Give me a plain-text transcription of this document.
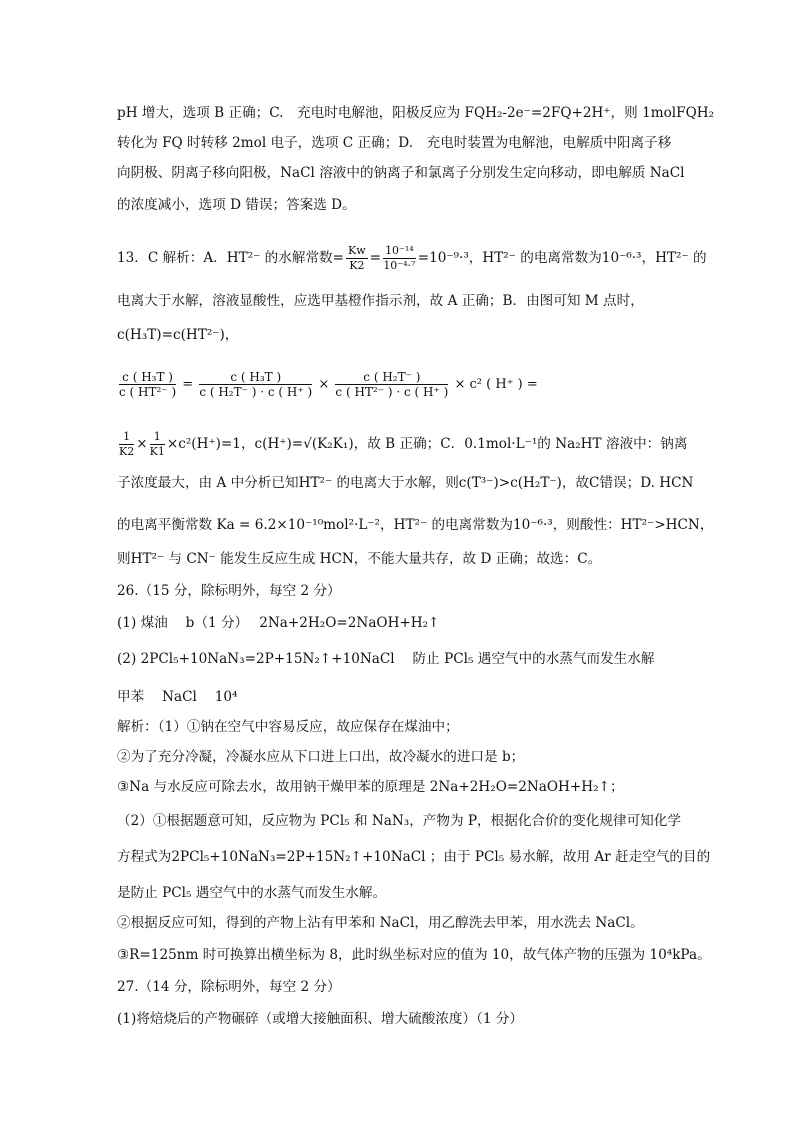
pH 增大，选项 B 正确；C.　充电时电解池，阳极反应为 FQH₂-2e⁻=2FQ+2H⁺，则 1molFQH₂
转化为 FQ 时转移 2mol 电子，选项 C 正确；D.　充电时装置为电解池，电解质中阳离子移
向阴极、阴离子移向阳极，NaCl 溶液中的钠离子和氯离子分别发生定向移动，即电解质 NaCl
的浓度减小，选项 D 错误；答案选 D。
13．C 解析：A．HT²⁻ 的水解常数= $\frac{Kw}{K2} = \frac{\text{10⁻¹⁴}}{\text{10⁻⁴·⁷}} =10^{-9}\cdot^3$，HT²⁻ 的电离常数为10⁻⁶·³，HT²⁻ 的
电离大于水解，溶液显酸性，应选甲基橙作指示剂，故 A 正确；B．由图可知 M 点时，
c(H₃T)=c(HT²⁻)，
$\frac{\text{c ( H₃T )}}{\text{c ( HT²⁻ )}} = \frac{\text{c ( H₃T )}}{\text{c ( H₂T⁻ ) · c ( H⁺ )}} \times \frac{\text{c ( H₂T⁻ )}}{\text{c ( HT²⁻ ) · c ( H⁺ )}} \times c^2$ ( H⁺ ) =
$\frac{1}{K2} \times \frac{1}{K1} \times c^2(H^+)=1$，c(H⁺)=√(K₂K₁)，故 B 正确；C．0.1mol·L⁻¹的 Na₂HT 溶液中：钠离
子浓度最大，由 A 中分析已知HT²⁻ 的电离大于水解，则c(T³⁻)>c(H₂T⁻)，故C错误；D. HCN
的电离平衡常数 Ka = 6.2×10⁻¹⁰mol²·L⁻²，HT²⁻ 的电离常数为10⁻⁶·³，则酸性：HT²⁻>HCN，
则HT²⁻ 与 CN⁻ 能发生反应生成 HCN，不能大量共存，故 D 正确；故选：C。
26.（15 分，除标明外，每空 2 分）
(1) 煤油　 b（1 分）　 2Na+2H₂O=2NaOH+H₂↑
(2) 2PCl₅+10NaN₃=2P+15N₂↑+10NaCl　 防止 PCl₅ 遇空气中的水蒸气而发生水解
甲苯　 NaCl　 10⁴
解析：（1）①钠在空气中容易反应，故应保存在煤油中；
②为了充分冷凝，冷凝水应从下口进上口出，故冷凝水的进口是 b；
③Na 与水反应可除去水，故用钠干燥甲苯的原理是 2Na+2H₂O=2NaOH+H₂↑；
（2）①根据题意可知，反应物为 PCl₅ 和 NaN₃，产物为 P，根据化合价的变化规律可知化学
方程式为2PCl₅+10NaN₃=2P+15N₂↑+10NaCl ；由于 PCl₅ 易水解，故用 Ar 赶走空气的目的
是防止 PCl₅ 遇空气中的水蒸气而发生水解。
②根据反应可知，得到的产物上沾有甲苯和 NaCl，用乙醇洗去甲苯，用水洗去 NaCl。
③R=125nm 时可换算出横坐标为 8，此时纵坐标对应的值为 10，故气体产物的压强为 10⁴kPa。
27.（14 分，除标明外，每空 2 分）
(1)将焙烧后的产物碾碎（或增大接触面积、增大硫酸浓度）（1 分）
